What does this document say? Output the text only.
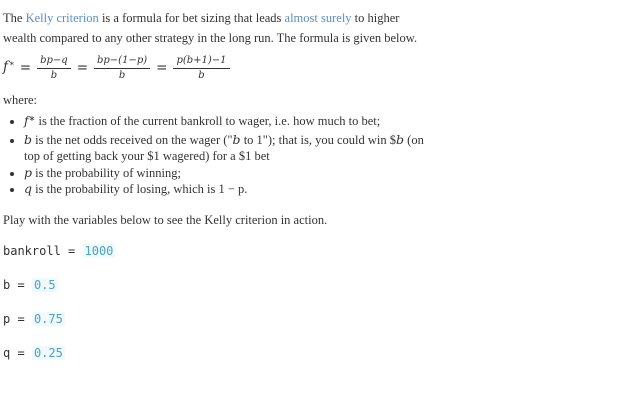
The Kelly criterion is a formula for bet sizing that leads almost surely to higher wealth compared to any other strategy in the long run. The formula is given below.

$f^∗ = \frac{bp-q}{b} = \frac{bp-(1-p)}{b} = \frac{p(b+1)-1}{b}$

where:

• f∗ is the fraction of the current bankroll to wager, i.e. how much to bet;
• b is the net odds received on the wager ("b to 1"); that is, you could win $b (on top of getting back your $1 wagered) for a $1 bet
• p is the probability of winning;
• q is the probability of losing, which is 1 − p.

Play with the variables below to see the Kelly criterion in action.

bankroll = 1000
b = 0.5
p = 0.75
q = 0.25
